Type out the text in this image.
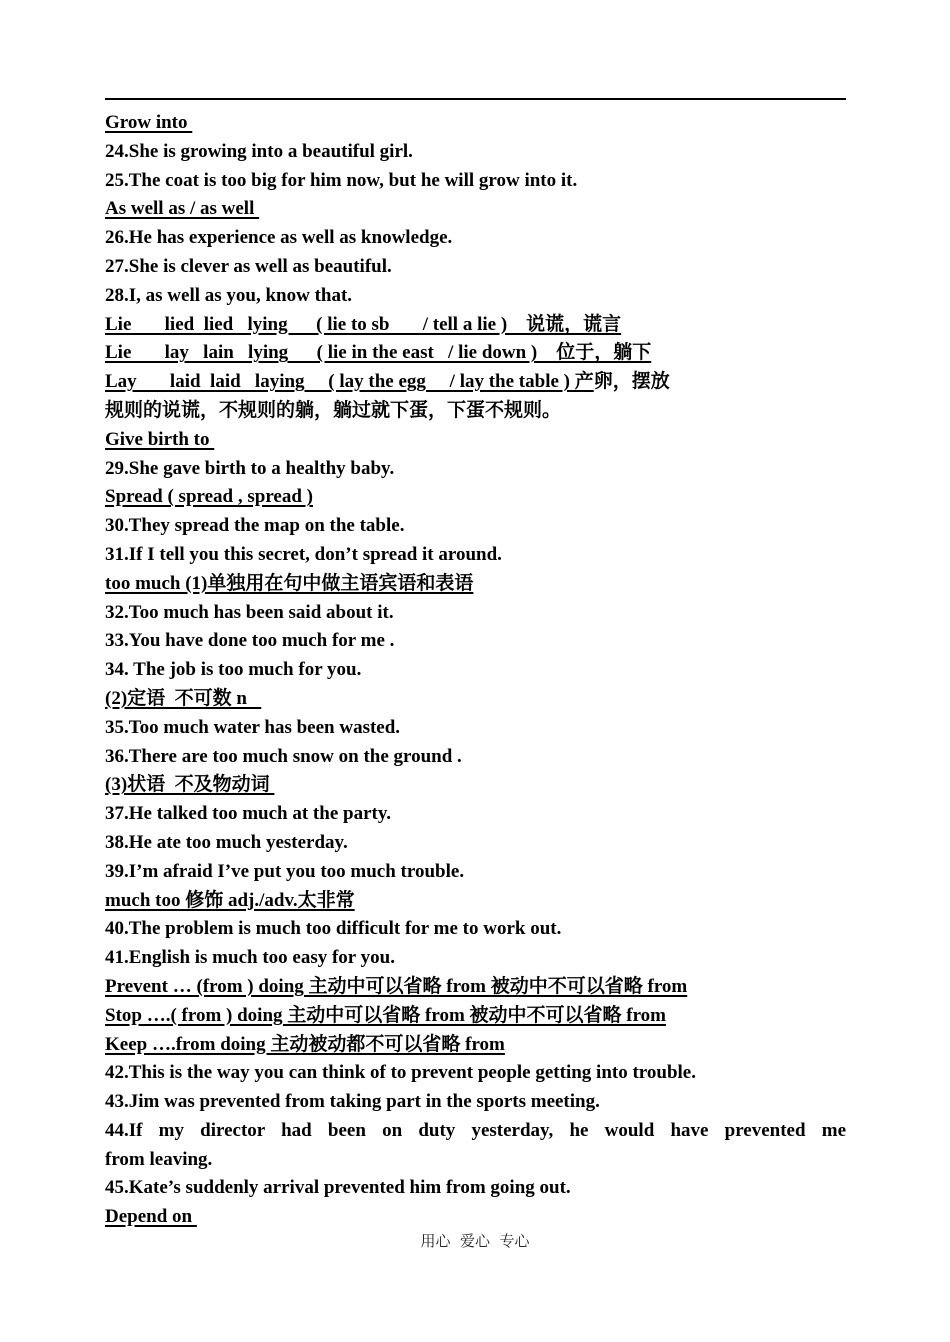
Grow into
24.She is growing into a beautiful girl.
25.The coat is too big for him now, but he will grow into it.
As well as / as well
26.He has experience as well as knowledge.
27.She is clever as well as beautiful.
28.I, as well as you, know that.
Lie       lied  lied   lying      ( lie to sb       / tell a lie )    说谎，谎言
Lie       lay   lain   lying      ( lie in the east   / lie down )    位于，躺下
Lay       laid  laid   laying     ( lay the egg     / lay the table ) 产卵，摆放
规则的说谎，不规则的躺，躺过就下蛋，下蛋不规则。
Give birth to
29.She gave birth to a healthy baby.
Spread ( spread , spread )
30.They spread the map on the table.
31.If I tell you this secret, don’t spread it around.
too much (1)单独用在句中做主语宾语和表语
32.Too much has been said about it.
33.You have done too much for me .
34. The job is too much for you.
(2)定语  不可数 n
35.Too much water has been wasted.
36.There are too much snow on the ground .
(3)状语  不及物动词
37.He talked too much at the party.
38.He ate too much yesterday.
39.I’m afraid I’ve put you too much trouble.
much too 修饰 adj./adv.太非常
40.The problem is much too difficult for me to work out.
41.English is much too easy for you.
Prevent … (from ) doing 主动中可以省略 from 被动中不可以省略 from
Stop ….( from ) doing 主动中可以省略 from 被动中不可以省略 from
Keep ….from doing 主动被动都不可以省略 from
42.This is the way you can think of to prevent people getting into trouble.
43.Jim was prevented from taking part in the sports meeting.
44.If my director had been on duty yesterday, he would have prevented me
from leaving.
45.Kate’s suddenly arrival prevented him from going out.
Depend on
用心  爱心  专心
